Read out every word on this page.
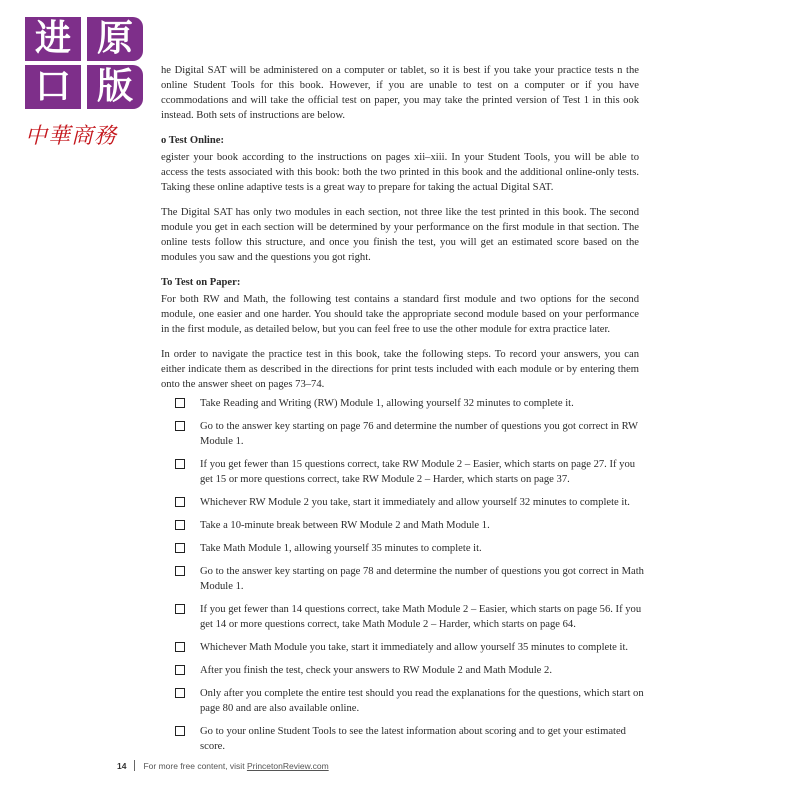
he Digital SAT will be administered on a computer or tablet, so it is best if you take your practice tests n the online Student Tools for this book. However, if you are unable to test on a computer or if you have ccommodations and will take the official test on paper, you may take the printed version of Test 1 in this ook instead. Both sets of instructions are below.

o Test Online:

egister your book according to the instructions on pages xii–xiii. In your Student Tools, you will be able to access the tests associated with this book: both the two printed in this book and the additional online-only tests. Taking these online adaptive tests is a great way to prepare for taking the actual Digital SAT.

The Digital SAT has only two modules in each section, not three like the test printed in this book. The second module you get in each section will be determined by your performance on the first module in that section. The online tests follow this structure, and once you finish the test, you will get an estimated score based on the modules you saw and the questions you got right.

To Test on Paper:

For both RW and Math, the following test contains a standard first module and two options for the second module, one easier and one harder. You should take the appropriate second module based on your performance in the first module, as detailed below, but you can feel free to use the other module for extra practice later.

In order to navigate the practice test in this book, take the following steps. To record your answers, you can either indicate them as described in the directions for print tests included with each module or by entering them onto the answer sheet on pages 73–74.

Take Reading and Writing (RW) Module 1, allowing yourself 32 minutes to complete it.
Go to the answer key starting on page 76 and determine the number of questions you got correct in RW Module 1.
If you get fewer than 15 questions correct, take RW Module 2 – Easier, which starts on page 27. If you get 15 or more questions correct, take RW Module 2 – Harder, which starts on page 37.
Whichever RW Module 2 you take, start it immediately and allow yourself 32 minutes to complete it.
Take a 10-minute break between RW Module 2 and Math Module 1.
Take Math Module 1, allowing yourself 35 minutes to complete it.
Go to the answer key starting on page 78 and determine the number of questions you got correct in Math Module 1.
If you get fewer than 14 questions correct, take Math Module 2 – Easier, which starts on page 56. If you get 14 or more questions correct, take Math Module 2 – Harder, which starts on page 64.
Whichever Math Module you take, start it immediately and allow yourself 35 minutes to complete it.
After you finish the test, check your answers to RW Module 2 and Math Module 2.
Only after you complete the entire test should you read the explanations for the questions, which start on page 80 and are also available online.
Go to your online Student Tools to see the latest information about scoring and to get your estimated score.
14 For more free content, visit
PrincetonReview.com
进 原
口 版
中華商務
